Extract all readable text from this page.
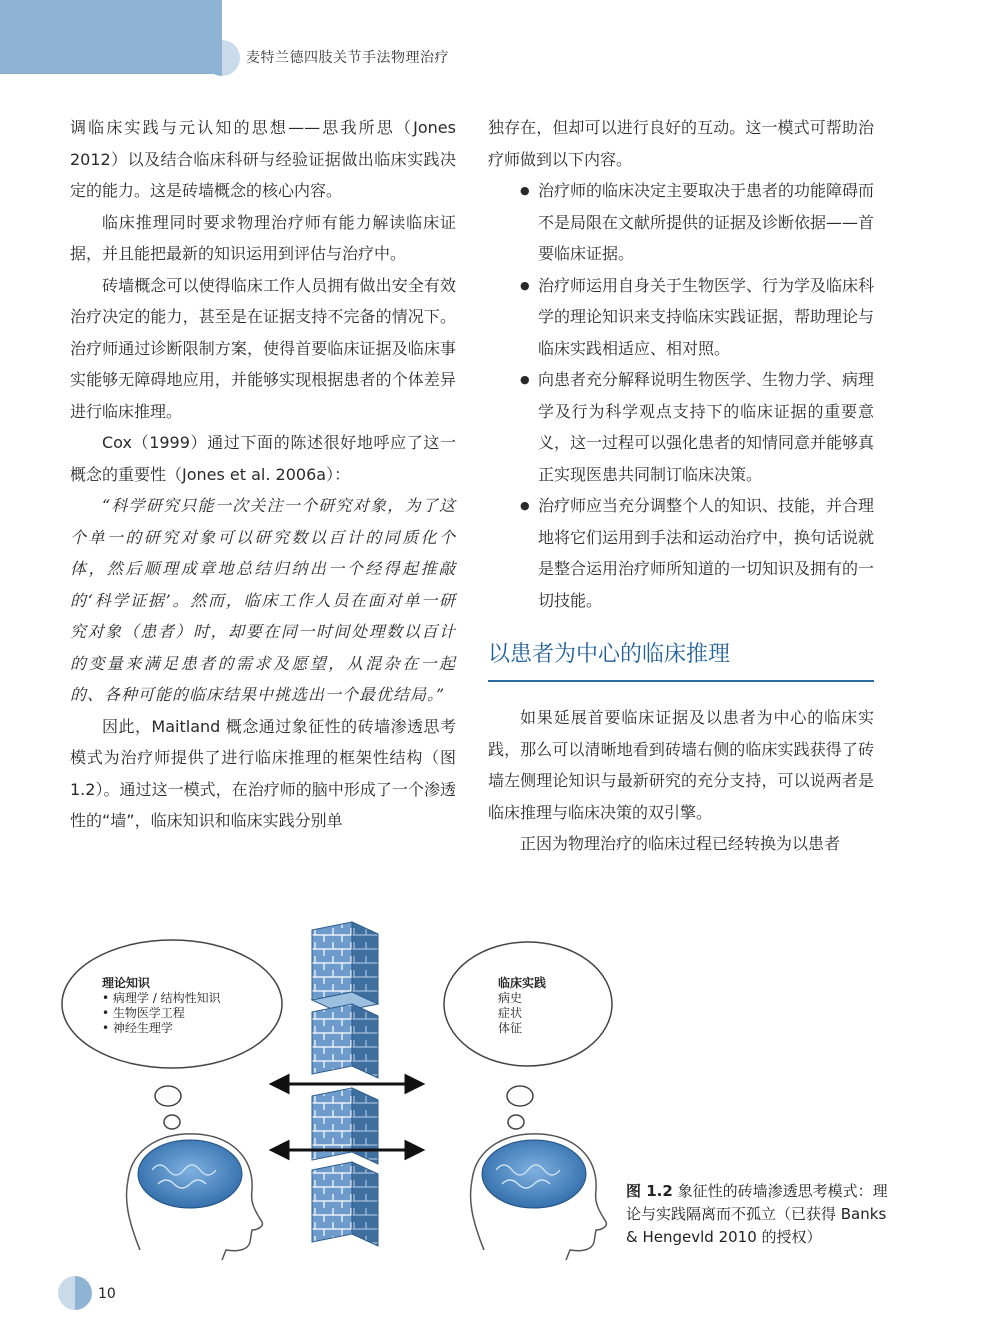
麦特兰德四肢关节手法物理治疗

调临床实践与元认知的思想——思我所思（Jones 2012）以及结合临床科研与经验证据做出临床实践决定的能力。这是砖墙概念的核心内容。

临床推理同时要求物理治疗师有能力解读临床证据，并且能把最新的知识运用到评估与治疗中。

砖墙概念可以使得临床工作人员拥有做出安全有效治疗决定的能力，甚至是在证据支持不完备的情况下。治疗师通过诊断限制方案，使得首要临床证据及临床事实能够无障碍地应用，并能够实现根据患者的个体差异进行临床推理。

Cox（1999）通过下面的陈述很好地呼应了这一概念的重要性（Jones et al. 2006a）：

“科学研究只能一次关注一个研究对象，为了这个单一的研究对象可以研究数以百计的同质化个体，然后顺理成章地总结归纳出一个经得起推敲的‘科学证据’。然而，临床工作人员在面对单一研究对象（患者）时，却要在同一时间处理数以百计的变量来满足患者的需求及愿望，从混杂在一起的、各种可能的临床结果中挑选出一个最优结局。”

因此，Maitland 概念通过象征性的砖墙渗透思考模式为治疗师提供了进行临床推理的框架性结构（图 1.2）。通过这一模式，在治疗师的脑中形成了一个渗透性的“墙”，临床知识和临床实践分别单

独存在，但却可以进行良好的互动。这一模式可帮助治疗师做到以下内容。

● 治疗师的临床决定主要取决于患者的功能障碍而不是局限在文献所提供的证据及诊断依据——首要临床证据。
● 治疗师运用自身关于生物医学、行为学及临床科学的理论知识来支持临床实践证据，帮助理论与临床实践相适应、相对照。
● 向患者充分解释说明生物医学、生物力学、病理学及行为科学观点支持下的临床证据的重要意义，这一过程可以强化患者的知情同意并能够真正实现医患共同制订临床决策。
● 治疗师应当充分调整个人的知识、技能，并合理地将它们运用到手法和运动治疗中，换句话说就是整合运用治疗师所知道的一切知识及拥有的一切技能。
以患者为中心的临床推理

如果延展首要临床证据及以患者为中心的临床实践，那么可以清晰地看到砖墙右侧的临床实践获得了砖墙左侧理论知识与最新研究的充分支持，可以说两者是临床推理与临床决策的双引擎。

正因为物理治疗的临床过程已经转换为以患者

理论知识
• 病理学 / 结构性知识
• 生物医学工程
• 神经生理学
临床实践
病史
症状
体征
图 1.2 象征性的砖墙渗透思考模式：理论与实践隔离而不孤立（已获得 Banks & Hengevld 2010 的授权）
10
